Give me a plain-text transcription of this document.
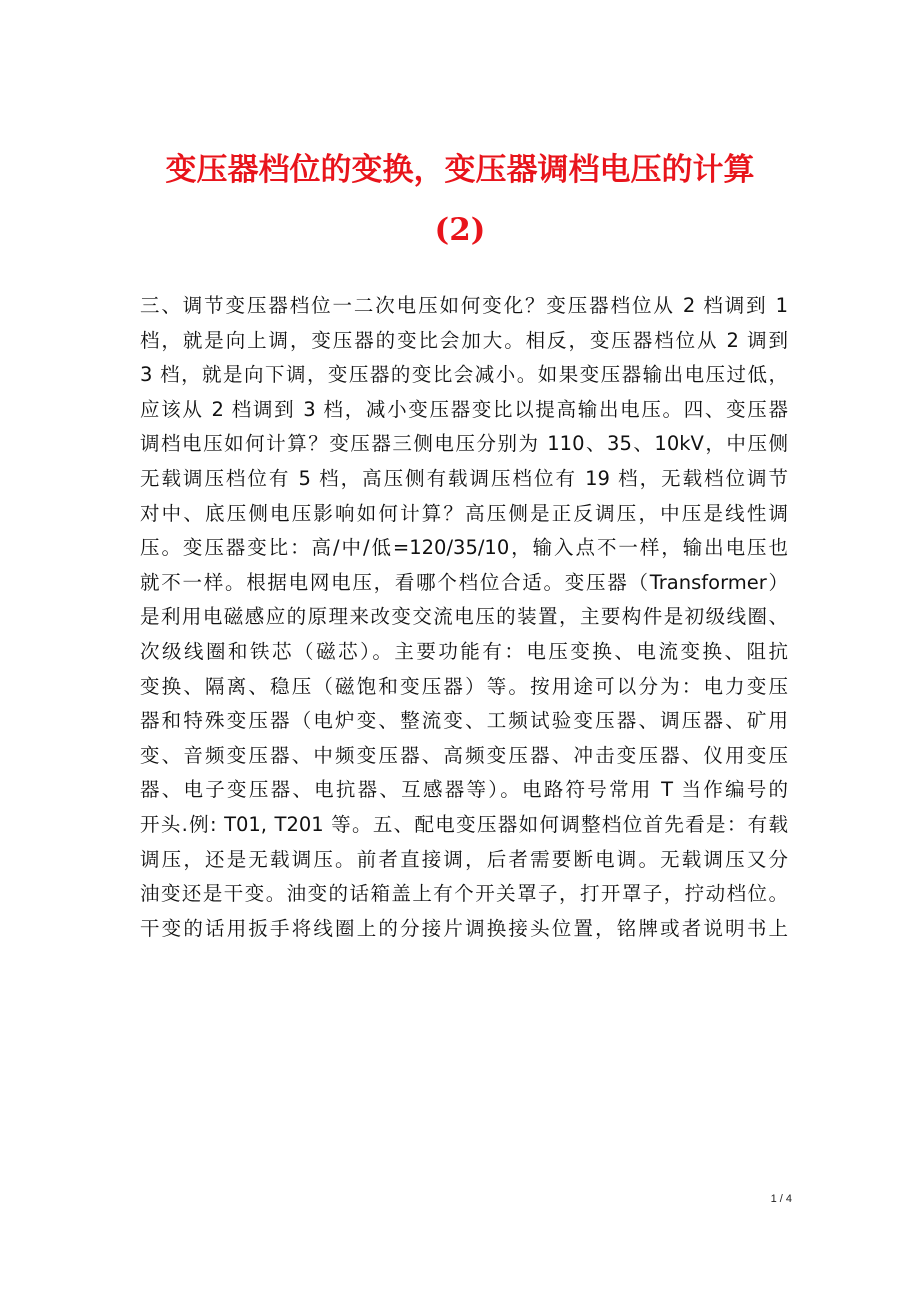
变压器档位的变换，变压器调档电压的计算
(2)
三、调节变压器档位一二次电压如何变化？变压器档位从 2 档调到 1
档，就是向上调，变压器的变比会加大。相反，变压器档位从 2 调到
3 档，就是向下调，变压器的变比会减小。如果变压器输出电压过低，
应该从 2 档调到 3 档，减小变压器变比以提高输出电压。四、变压器
调档电压如何计算？变压器三侧电压分别为 110、35、10kV，中压侧
无载调压档位有 5 档，高压侧有载调压档位有 19 档，无载档位调节
对中、底压侧电压影响如何计算？高压侧是正反调压，中压是线性调
压。变压器变比：高/中/低=120/35/10，输入点不一样，输出电压也
就不一样。根据电网电压，看哪个档位合适。变压器（Transformer）
是利用电磁感应的原理来改变交流电压的装置，主要构件是初级线圈、
次级线圈和铁芯（磁芯）。主要功能有：电压变换、电流变换、阻抗
变换、隔离、稳压（磁饱和变压器）等。按用途可以分为：电力变压
器和特殊变压器（电炉变、整流变、工频试验变压器、调压器、矿用
变、音频变压器、中频变压器、高频变压器、冲击变压器、仪用变压
器、电子变压器、电抗器、互感器等）。电路符号常用 T 当作编号的
开头.例: T01, T201 等。五、配电变压器如何调整档位首先看是：有载
调压，还是无载调压。前者直接调，后者需要断电调。无载调压又分
油变还是干变。油变的话箱盖上有个开关罩子，打开罩子，拧动档位。
干变的话用扳手将线圈上的分接片调换接头位置，铭牌或者说明书上
1 / 4
